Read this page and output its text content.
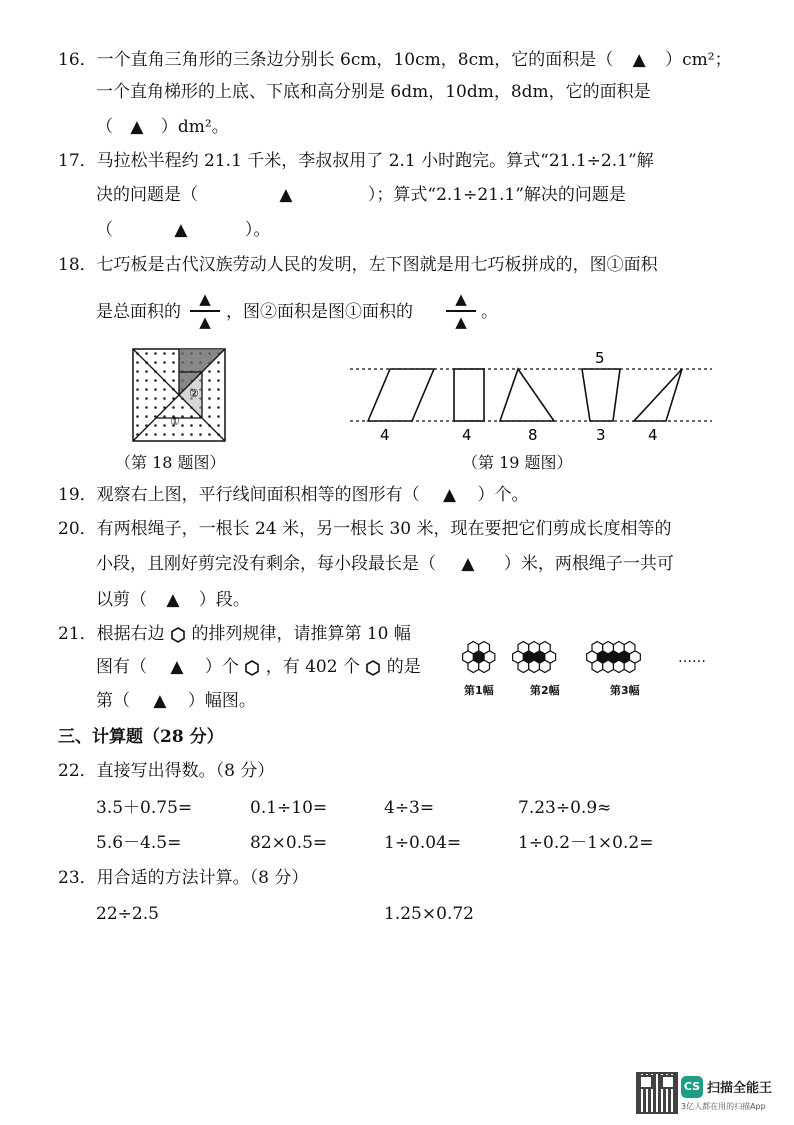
16．一个直角三角形的三条边分别长 6cm，10cm，8cm，它的面积是（ ▲ ）cm²；
一个直角梯形的上底、下底和高分别是 6dm，10dm，8dm，它的面积是
（ ▲ ）dm²。
17．马拉松半程约 21.1 千米，李叔叔用了 2.1 小时跑完。算式“21.1÷2.1”解
决的问题是（	▲	）；算式“2.1÷21.1”解决的问题是
（	▲	）。
18．七巧板是古代汉族劳动人民的发明，左下图就是用七巧板拼成的，图①面积
是总面积的
▲
▲ ，图②面积是图①面积的
▲
▲ 。
②
①
（第 18 题图）
5
4	4	8	3	4
（第 19 题图）
19．观察右上图，平行线间面积相等的图形有（ ▲ ）个。
20．有两根绳子，一根长 24 米，另一根长 30 米，现在要把它们剪成长度相等的
小段，且刚好剪完没有剩余，每小段最长是（ ▲ ）米，两根绳子一共可
以剪（ ▲ ）段。
21．根据右边 的排列规律，请推算第 10 幅
图有（ ▲ ）个 ，有 402 个 的是
第（ ▲ ）幅图。
第1幅	第2幅	第3幅
……
三、计算题（28 分）
22．直接写出得数。（8 分）
3.5＋0.75=	0.1÷10=	4÷3=	7.23÷0.9≈
5.6－4.5=	82×0.5=	1÷0.04=	1÷0.2－1×0.2=
23．用合适的方法计算。（8 分）
22÷2.5	1.25×0.72
CS 扫描全能王
3亿人都在用的扫描App
